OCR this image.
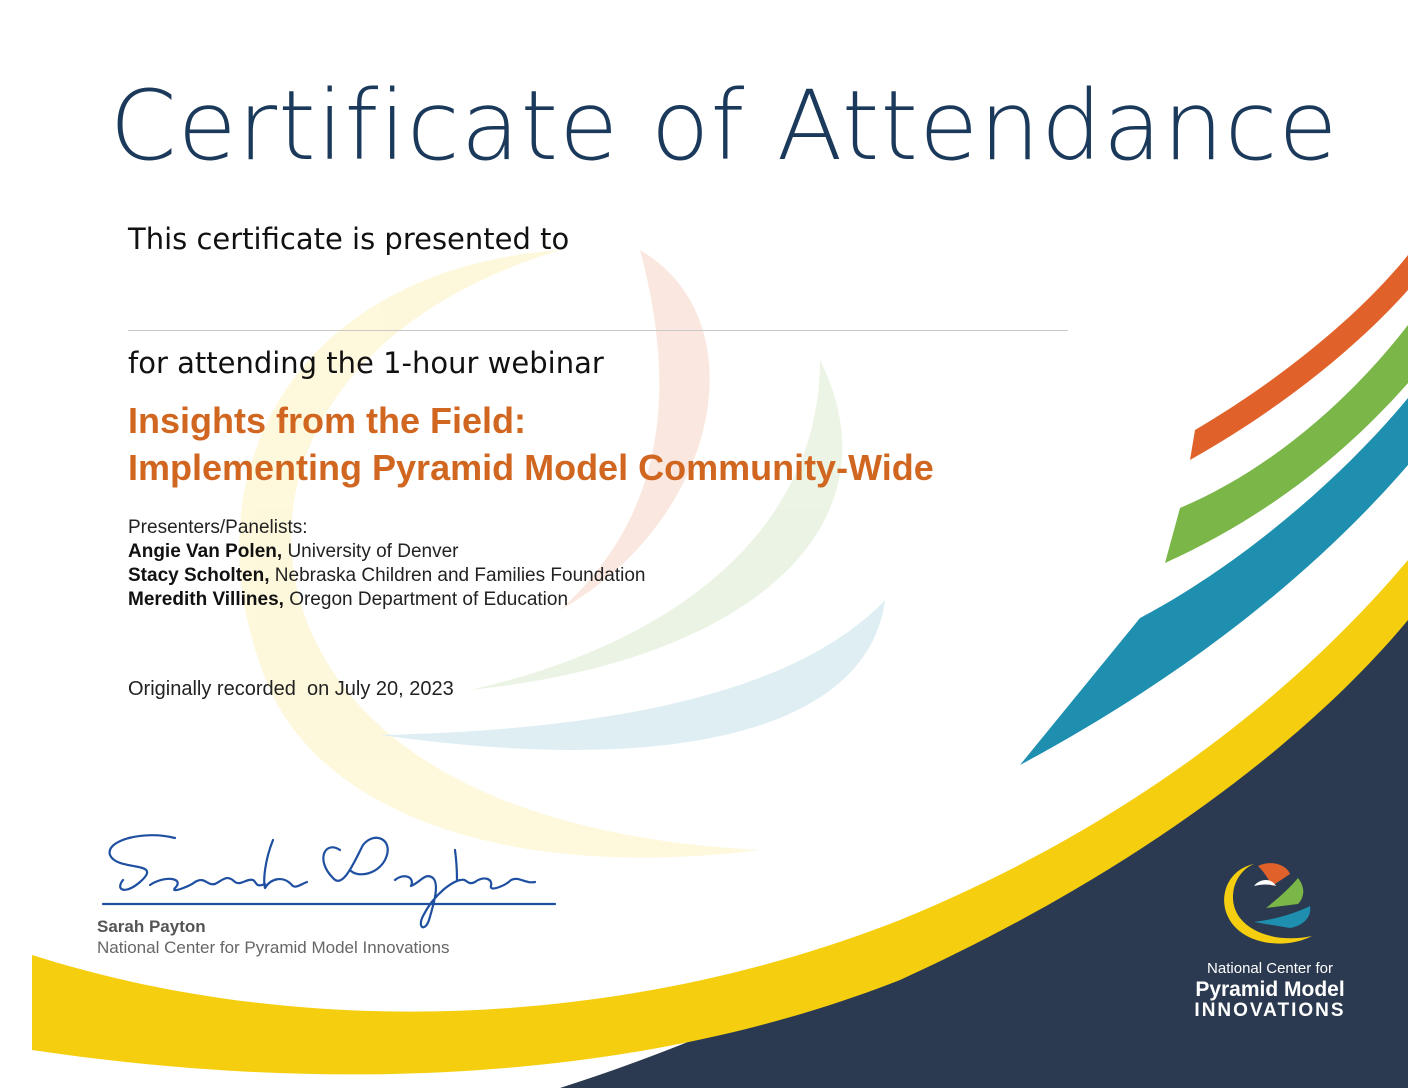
Certificate of Attendance
This certificate is presented to
for attending the 1-hour webinar
Insights from the Field:
Implementing Pyramid Model Community-Wide
Presenters/Panelists:
Angie Van Polen, University of Denver
Stacy Scholten, Nebraska Children and Families Foundation
Meredith Villines, Oregon Department of Education
Originally recorded  on July 20, 2023
Sarah Payton
National Center for Pyramid Model Innovations
National Center for
Pyramid Model
INNOVATIONS
